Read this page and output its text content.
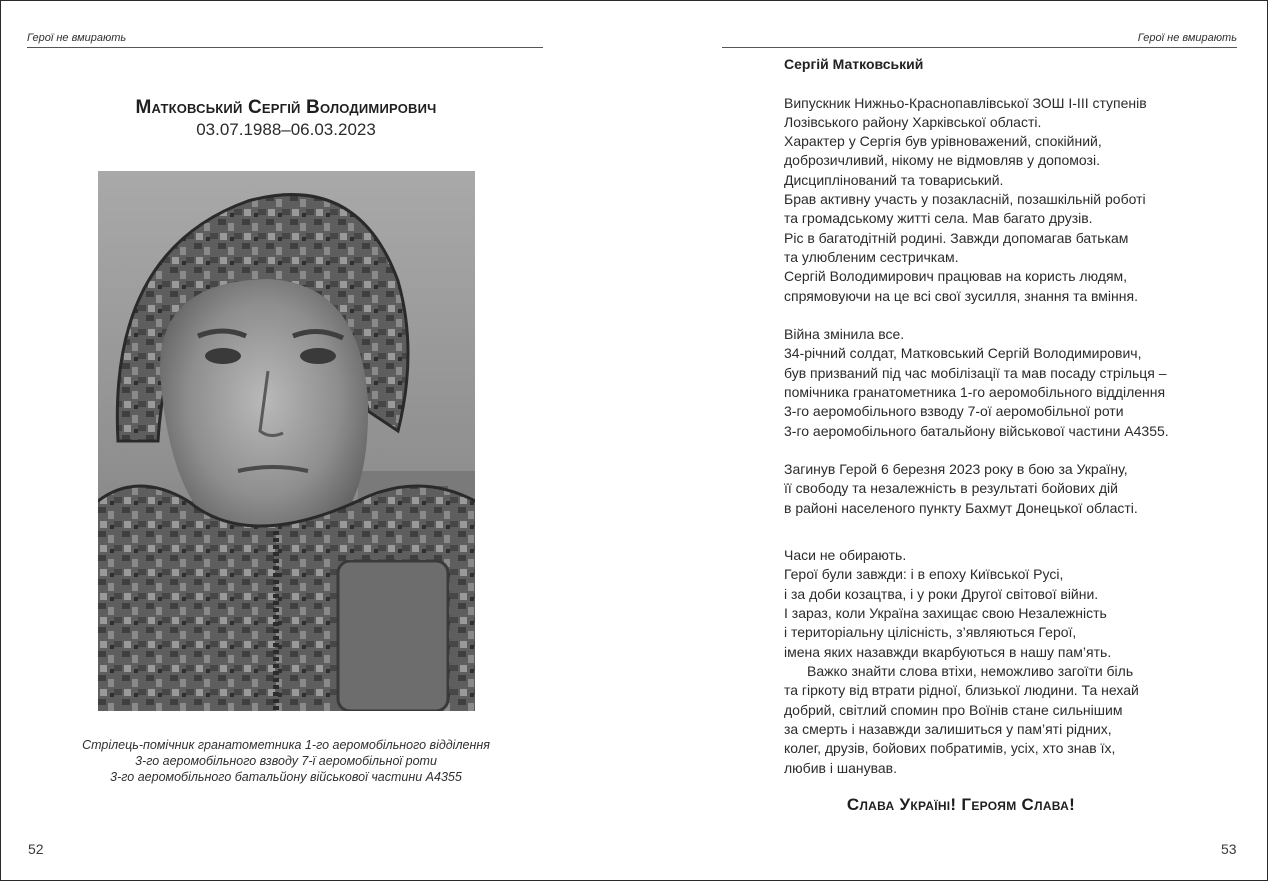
Герої не вмирають
Матковський Сергій Володимирович
03.07.1988–06.03.2023
Стрілець-помічник гранатометника 1-го аеромобільного відділення
3-го аеромобільного взводу 7-ї аеромобільної роти
3-го аеромобільного батальйону військової частини А4355
52
Герої не вмирають
Сергій Матковський
Випускник Нижньо-Краснопавлівської ЗОШ І-ІІІ ступенів
Лозівського району Харківської області.
Характер у Сергія був урівноважений, спокійний,
доброзичливий, нікому не відмовляв у допомозі.
Дисциплінований та товариський.
Брав активну участь у позакласній, позашкільній роботі
та громадському житті села. Мав багато друзів.
Ріс в багатодітній родині. Завжди допомагав батькам
та улюбленим сестричкам.
Сергій Володимирович працював на користь людям,
спрямовуючи на це всі свої зусилля, знання та вміння.
Війна змінила все.
34-річний солдат, Матковський Сергій Володимирович,
був призваний під час мобілізації та мав посаду стрільця –
помічника гранатометника 1-го аеромобільного відділення
3-го аеромобільного взводу 7-ої аеромобільної роти
3-го аеромобільного батальйону військової частини А4355.
Загинув Герой 6 березня 2023 року в бою за Україну,
її свободу та незалежність в результаті бойових дій
в районі населеного пункту Бахмут Донецької області.
Часи не обирають.
Герої були завжди: і в епоху Київської Русі,
і за доби козацтва, і у роки Другої світової війни.
І зараз, коли Україна захищає свою Незалежність
і територіальну цілісність, з’являються Герої,
імена яких назавжди вкарбуються в нашу пам’ять.
Важко знайти слова втіхи, неможливо загоїти біль
та гіркоту від втрати рідної, близької людини. Та нехай
добрий, світлий спомин про Воїнів стане сильнішим
за смерть і назавжди залишиться у пам’яті рідних,
колег, друзів, бойових побратимів, усіх, хто знав їх,
любив і шанував.
Слава Україні! Героям Слава!
53
